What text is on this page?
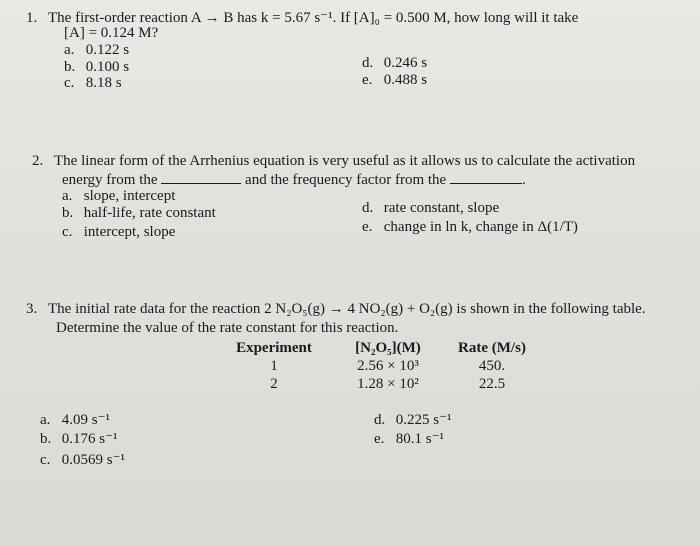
1. The first-order reaction A → B has k = 5.67 s⁻¹. If [A]₀ = 0.500 M, how long will it take
[A] = 0.124 M?
a. 0.122 s
b. 0.100 s
c. 8.18 s
d. 0.246 s
e. 0.488 s
2. The linear form of the Arrhenius equation is very useful as it allows us to calculate the activation
energy from the	and the frequency factor from the	.
a. slope, intercept
b. half-life, rate constant
c. intercept, slope
d. rate constant, slope
e. change in ln k, change in Δ(1/T)
3. The initial rate data for the reaction 2 N₂O₅(g) → 4 NO₂(g) + O₂(g) is shown in the following table.
Determine the value of the rate constant for this reaction.
Experiment	[N₂O₅](M)	Rate (M/s)
1	2.56 × 10³	450.
2	1.28 × 10²	22.5
a. 4.09 s⁻¹
b. 0.176 s⁻¹
c. 0.0569 s⁻¹
d. 0.225 s⁻¹
e. 80.1 s⁻¹
